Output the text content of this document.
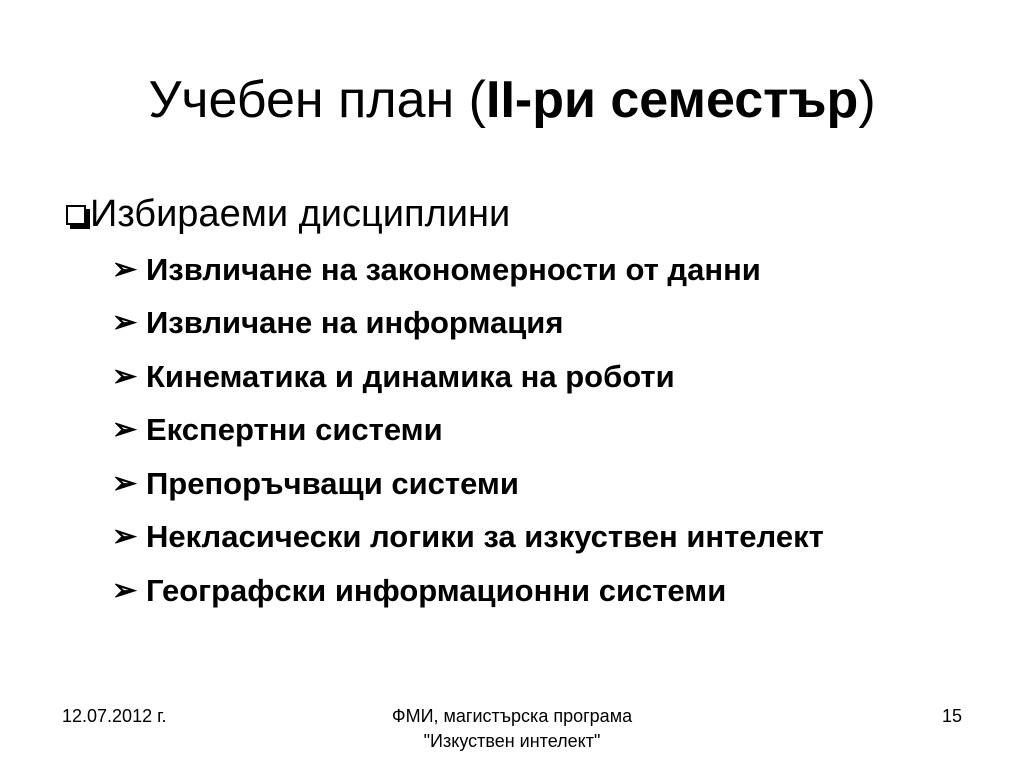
Учебен план (II-ри семестър)
Избираеми дисциплини
➢ Извличане на закономерности от данни
➢ Извличане на информация
➢ Кинематика и динамика на роботи
➢ Експертни системи
➢ Препоръчващи системи
➢ Некласически логики за изкуствен интелект
➢ Географски информационни системи
12.07.2012 г.	ФМИ, магистърска програма
"Изкуствен интелект"
15
